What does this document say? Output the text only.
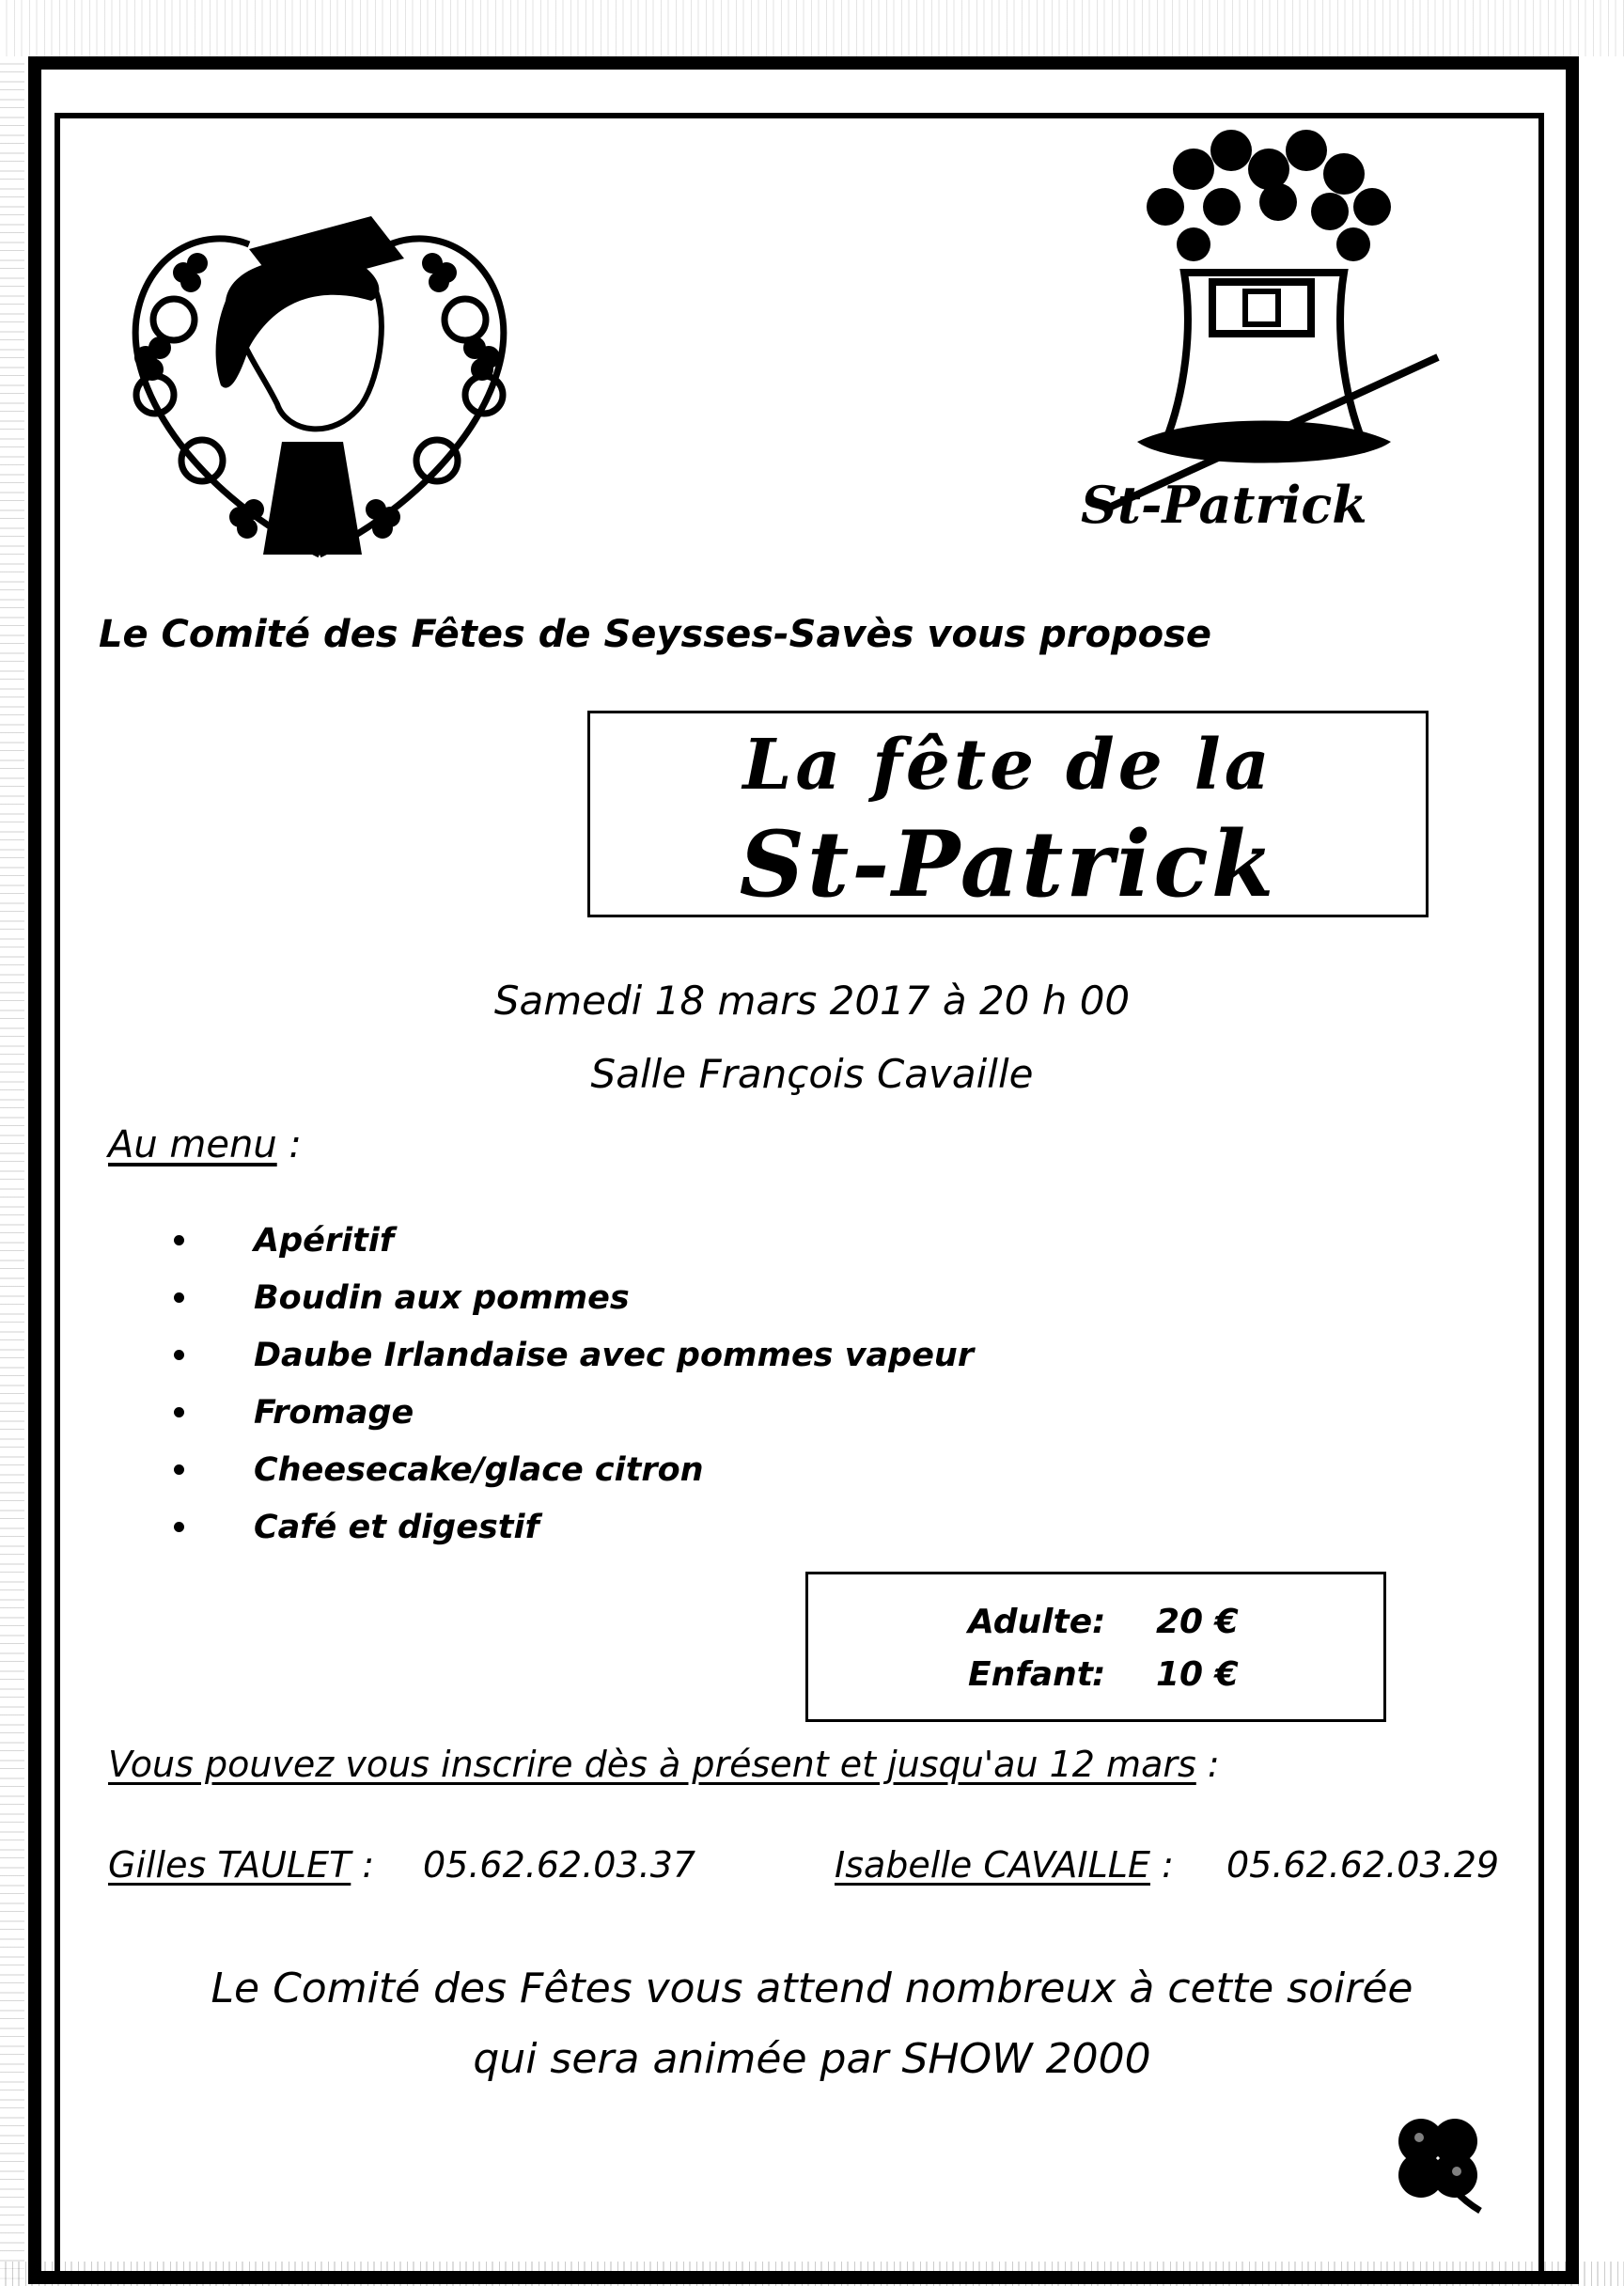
St-Patrick
Le Comité des Fêtes de Seysses-Savès vous propose
La fête de la
St-Patrick
Samedi 18 mars 2017 à 20 h 00
Salle François Cavaille
Au menu :
Apéritif
Boudin aux pommes
Daube Irlandaise avec pommes vapeur
Fromage
Cheesecake/glace citron
Café et digestif
Adulte : 20 €
Enfant
: 10 €
Vous pouvez vous inscrire dès à présent et jusqu'au 12 mars :
Gilles TAULET : 05.62.62.03.37	Isabelle CAVAILLE : 05.62.62.03.29
Le Comité des Fêtes vous attend nombreux à cette soirée
qui sera animée par SHOW 2000
